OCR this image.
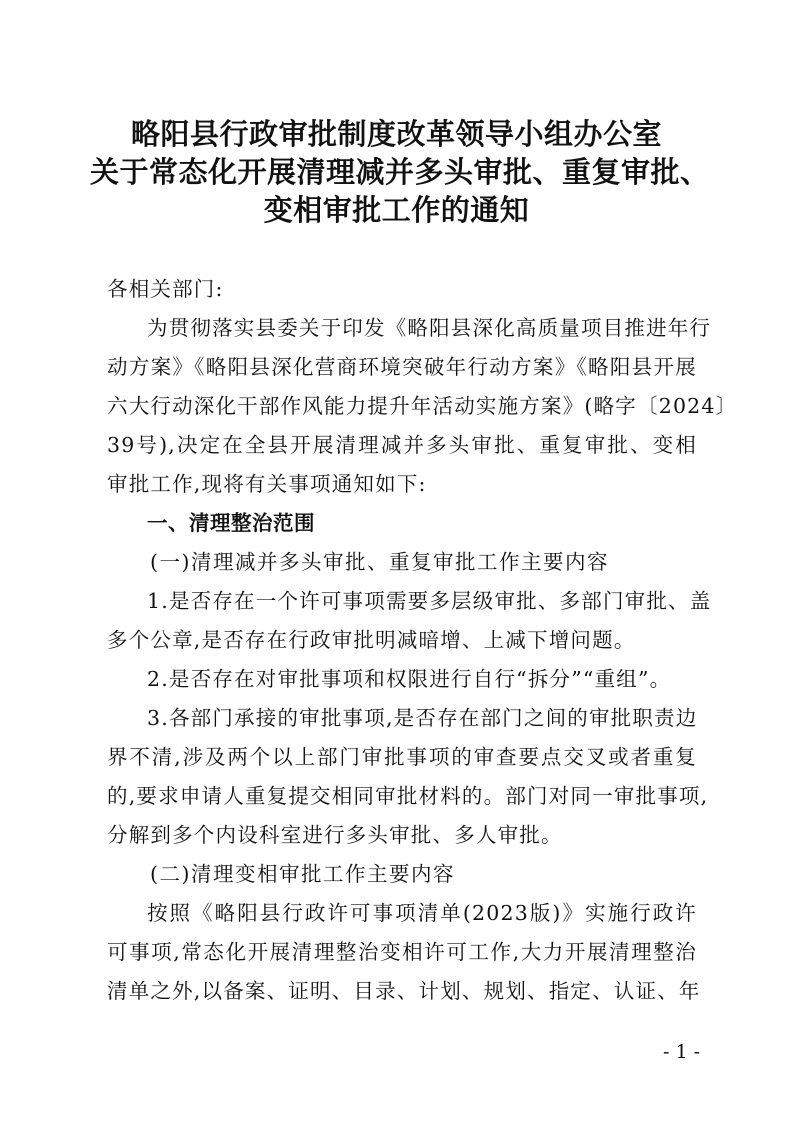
略阳县行政审批制度改革领导小组办公室
关于常态化开展清理减并多头审批、重复审批、
变相审批工作的通知
各相关部门:
为贯彻落实县委关于印发《略阳县深化高质量项目推进年行
动方案》《略阳县深化营商环境突破年行动方案》《略阳县开展
六大行动深化干部作风能力提升年活动实施方案》(略字〔2024〕
39号),决定在全县开展清理减并多头审批、重复审批、变相
审批工作,现将有关事项通知如下:
一、清理整治范围
(一)清理减并多头审批、重复审批工作主要内容
1.是否存在一个许可事项需要多层级审批、多部门审批、盖
多个公章,是否存在行政审批明减暗增、上减下增问题。
2.是否存在对审批事项和权限进行自行“拆分”“重组”。
3.各部门承接的审批事项,是否存在部门之间的审批职责边
界不清,涉及两个以上部门审批事项的审查要点交叉或者重复
的,要求申请人重复提交相同审批材料的。部门对同一审批事项,
分解到多个内设科室进行多头审批、多人审批。
(二)清理变相审批工作主要内容
按照《略阳县行政许可事项清单(2023版)》实施行政许
可事项,常态化开展清理整治变相许可工作,大力开展清理整治
清单之外,以备案、证明、目录、计划、规划、指定、认证、年
- 1 -
